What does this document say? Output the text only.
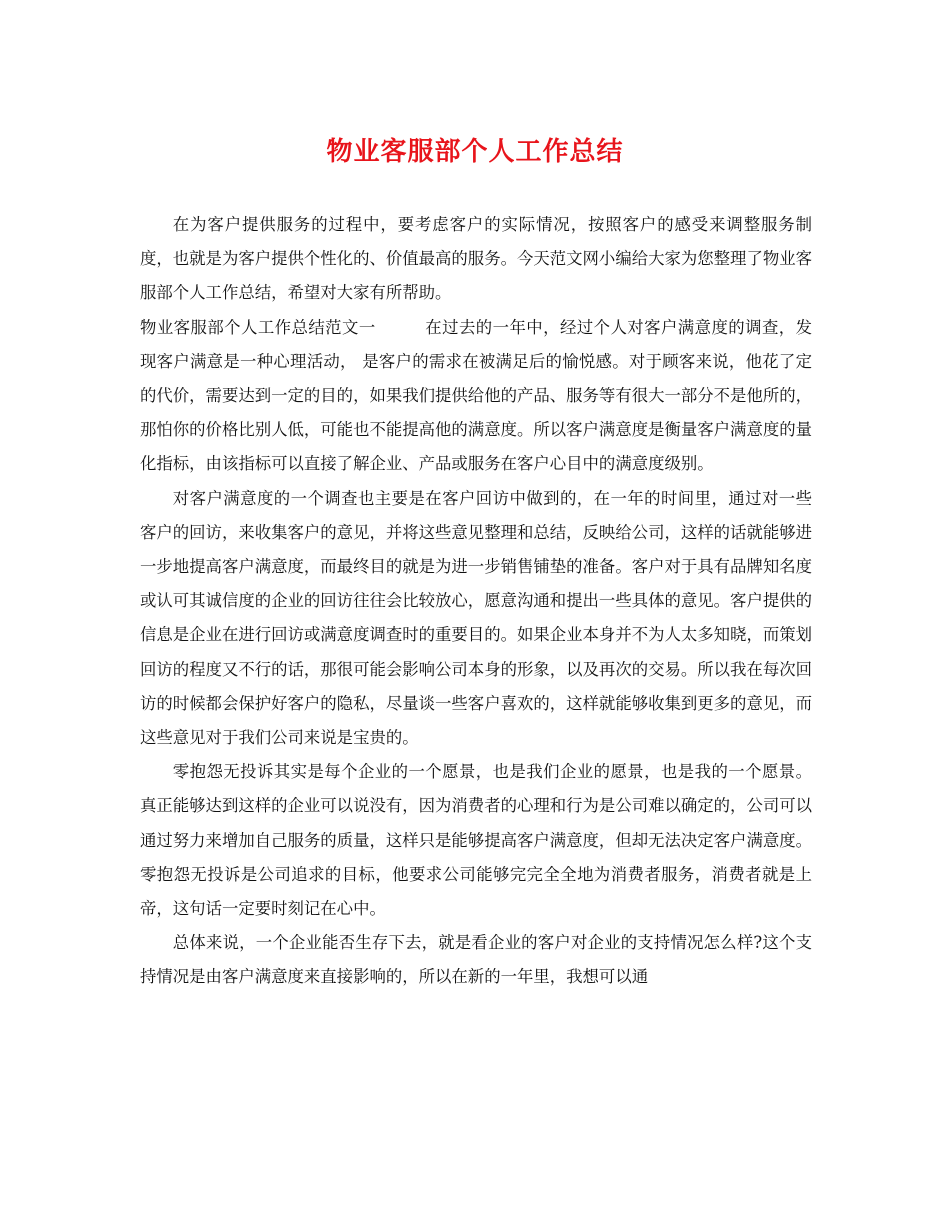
物业客服部个人工作总结

在为客户提供服务的过程中，要考虑客户的实际情况，按照客户的感受来调整服务制度，也就是为客户提供个性化的、价值最高的服务。今天范文网小编给大家为您整理了物业客服部个人工作总结，希望对大家有所帮助。

物业客服部个人工作总结范文一	在过去的一年中，经过个人对客户满意度的调查，发现客户满意是一种心理活动， 是客户的需求在被满足后的愉悦感。对于顾客来说，他花了定的代价，需要达到一定的目的，如果我们提供给他的产品、服务等有很大一部分不是他所的，那怕你的价格比别人低，可能也不能提高他的满意度。所以客户满意度是衡量客户满意度的量化指标，由该指标可以直接了解企业、产品或服务在客户心目中的满意度级别。

对客户满意度的一个调查也主要是在客户回访中做到的，在一年的时间里，通过对一些客户的回访，来收集客户的意见，并将这些意见整理和总结，反映给公司，这样的话就能够进一步地提高客户满意度，而最终目的就是为进一步销售铺垫的准备。客户对于具有品牌知名度或认可其诚信度的企业的回访往往会比较放心，愿意沟通和提出一些具体的意见。客户提供的信息是企业在进行回访或满意度调查时的重要目的。如果企业本身并不为人太多知晓，而策划回访的程度又不行的话，那很可能会影响公司本身的形象，以及再次的交易。所以我在每次回访的时候都会保护好客户的隐私，尽量谈一些客户喜欢的，这样就能够收集到更多的意见，而这些意见对于我们公司来说是宝贵的。

零抱怨无投诉其实是每个企业的一个愿景，也是我们企业的愿景，也是我的一个愿景。真正能够达到这样的企业可以说没有，因为消费者的心理和行为是公司难以确定的，公司可以通过努力来增加自己服务的质量，这样只是能够提高客户满意度，但却无法决定客户满意度。零抱怨无投诉是公司追求的目标，他要求公司能够完完全全地为消费者服务，消费者就是上帝，这句话一定要时刻记在心中。

总体来说，一个企业能否生存下去，就是看企业的客户对企业的支持情况怎么样?这个支持情况是由客户满意度来直接影响的，所以在新的一年里，我想可以通
